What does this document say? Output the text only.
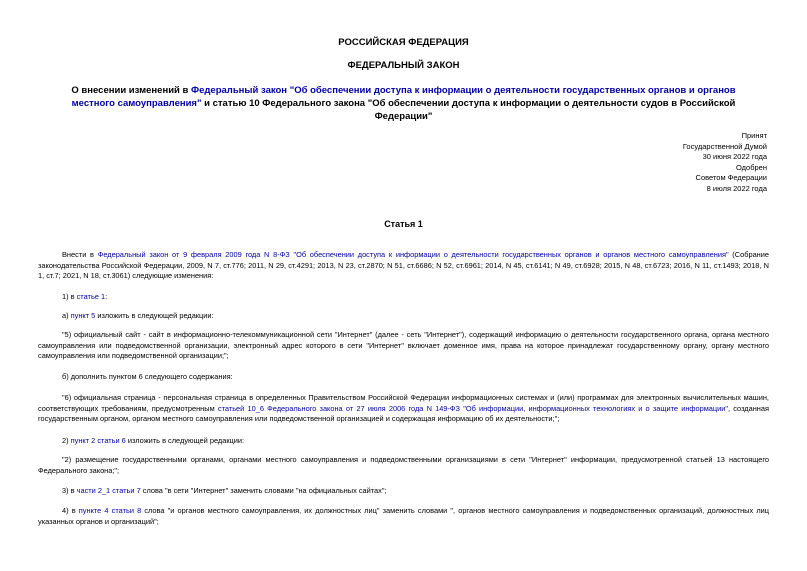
РОССИЙСКАЯ ФЕДЕРАЦИЯ
ФЕДЕРАЛЬНЫЙ ЗАКОН
О внесении изменений в Федеральный закон "Об обеспечении доступа к информации о деятельности государственных органов и органов местного самоуправления" и статью 10 Федерального закона "Об обеспечении доступа к информации о деятельности судов в Российской Федерации"
Принят
Государственной Думой
30 июня 2022 года
Одобрен
Советом Федерации
8 июля 2022 года
Статья 1
Внести в Федеральный закон от 9 февраля 2009 года N 8-ФЗ "Об обеспечении доступа к информации о деятельности государственных органов и органов местного самоуправления" (Собрание законодательства Российской Федерации, 2009, N 7, ст.776; 2011, N 29, ст.4291; 2013, N 23, ст.2870; N 51, ст.6686; N 52, ст.6961; 2014, N 45, ст.6141; N 49, ст.6928; 2015, N 48, ст.6723; 2016, N 11, ст.1493; 2018, N 1, ст.7; 2021, N 18, ст.3061) следующие изменения:
1) в статье 1:
а) пункт 5 изложить в следующей редакции:
"5) официальный сайт - сайт в информационно-телекоммуникационной сети "Интернет" (далее - сеть "Интернет"), содержащий информацию о деятельности государственного органа, органа местного самоуправления или подведомственной организации, электронный адрес которого в сети "Интернет" включает доменное имя, права на которое принадлежат государственному органу, органу местного самоуправления или подведомственной организации;";
б) дополнить пунктом 6 следующего содержания:
"6) официальная страница - персональная страница в определенных Правительством Российской Федерации информационных системах и (или) программах для электронных вычислительных машин, соответствующих требованиям, предусмотренным статьей 10_6 Федерального закона от 27 июля 2006 года N 149-ФЗ "Об информации, информационных технологиях и о защите информации", созданная государственным органом, органом местного самоуправления или подведомственной организацией и содержащая информацию об их деятельности;";
2) пункт 2 статьи 6 изложить в следующей редакции:
"2) размещение государственными органами, органами местного самоуправления и подведомственными организациями в сети "Интернет" информации, предусмотренной статьей 13 настоящего Федерального закона;";
3) в части 2_1 статьи 7 слова "в сети "Интернет" заменить словами "на официальных сайтах";
4) в пункте 4 статьи 8 слова "и органов местного самоуправления, их должностных лиц" заменить словами ", органов местного самоуправления и подведомственных организаций, должностных лиц указанных органов и организаций";
